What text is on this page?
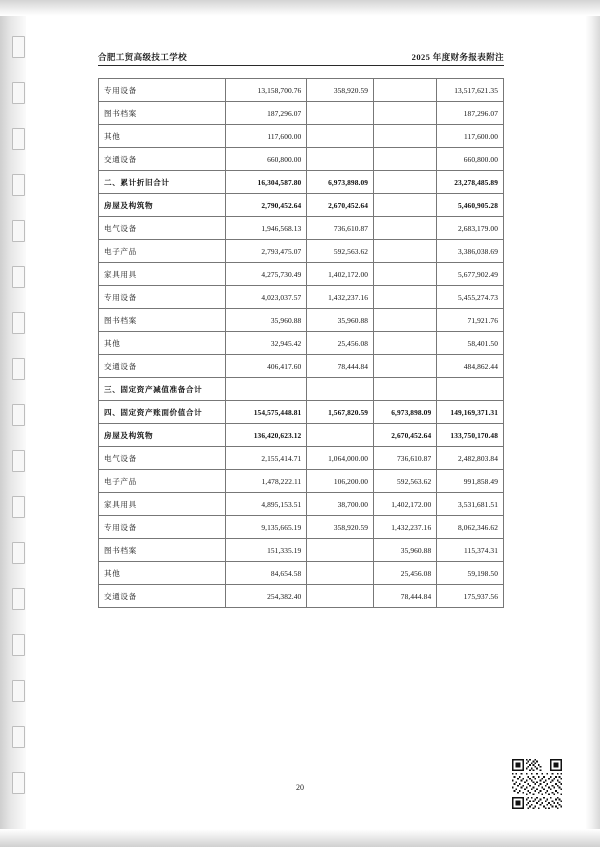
合肥工贸高级技工学校	2025 年度财务报表附注
专用设备	13,158,700.76	358,920.59		13,517,621.35
图书档案	187,296.07			187,296.07
其他	117,600.00			117,600.00
交通设备	660,800.00			660,800.00
二、累计折旧合计	16,304,587.80	6,973,898.09		23,278,485.89
房屋及构筑物	2,790,452.64	2,670,452.64		5,460,905.28
电气设备	1,946,568.13	736,610.87		2,683,179.00
电子产品	2,793,475.07	592,563.62		3,386,038.69
家具用具	4,275,730.49	1,402,172.00		5,677,902.49
专用设备	4,023,037.57	1,432,237.16		5,455,274.73
图书档案	35,960.88	35,960.88		71,921.76
其他	32,945.42	25,456.08		58,401.50
交通设备	406,417.60	78,444.84		484,862.44
三、固定资产减值准备合计				
四、固定资产账面价值合计	154,575,448.81	1,567,820.59	6,973,898.09	149,169,371.31
房屋及构筑物	136,420,623.12		2,670,452.64	133,750,170.48
电气设备	2,155,414.71	1,064,000.00	736,610.87	2,482,803.84
电子产品	1,478,222.11	106,200.00	592,563.62	991,858.49
家具用具	4,895,153.51	38,700.00	1,402,172.00	3,531,681.51
专用设备	9,135,665.19	358,920.59	1,432,237.16	8,062,346.62
图书档案	151,335.19		35,960.88	115,374.31
其他	84,654.58		25,456.08	59,198.50
交通设备	254,382.40		78,444.84	175,937.56
20
